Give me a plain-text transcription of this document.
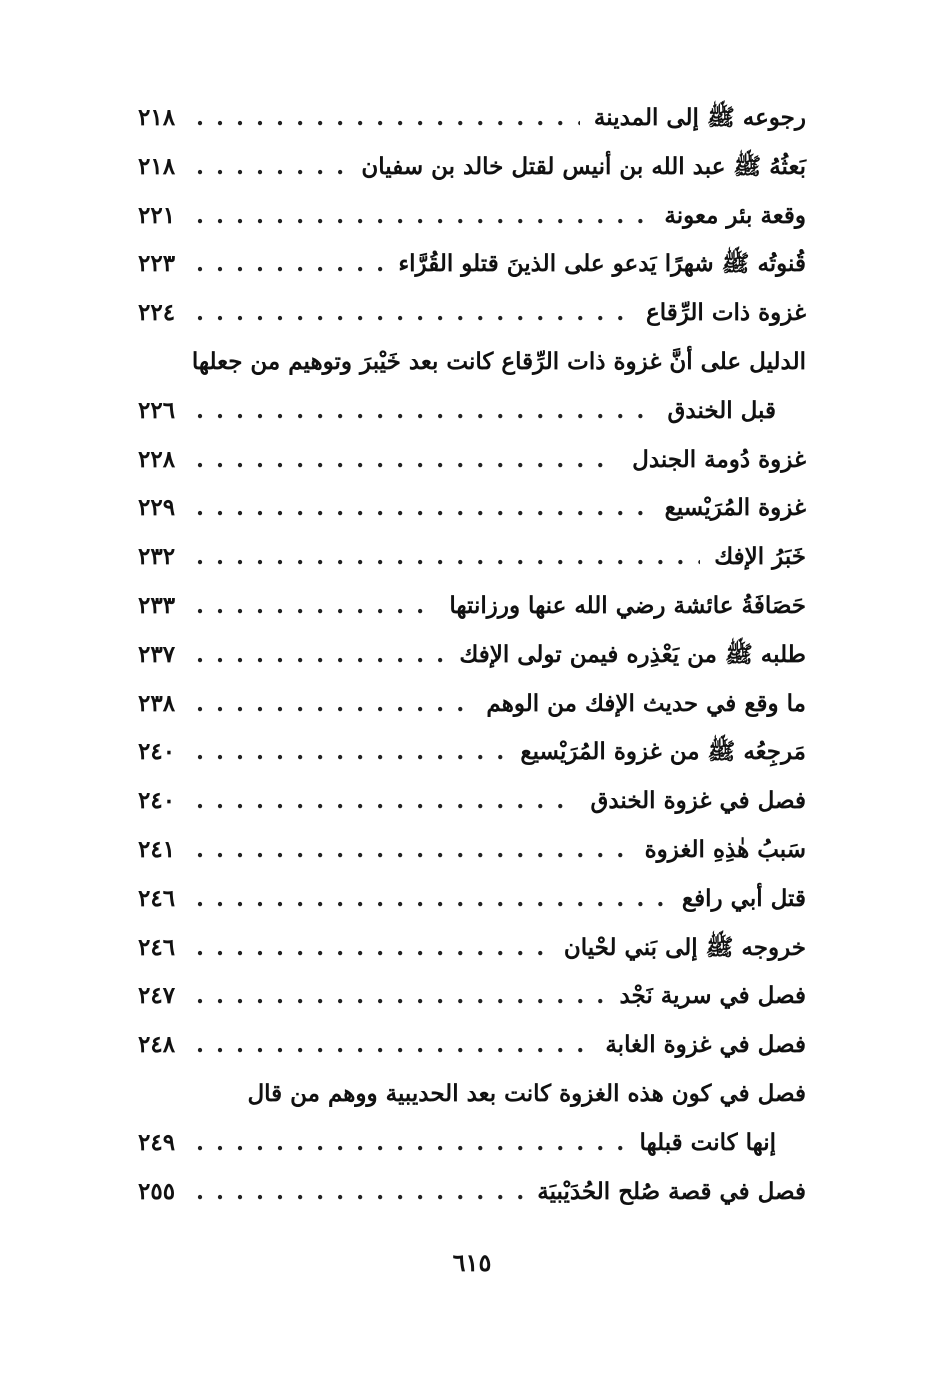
رجوعه ﷺ إلى المدينة
. . .
٢١٨
بَعثُهُ ﷺ عبد الله بن أنيس لقتل خالد بن سفيان
. . .
٢١٨
وقعة بئر معونة
. . .
٢٢١
قُنوتُه ﷺ شهرًا يَدعو على الذينَ قتلو القُرَّاء
. . .
٢٢٣
غزوة ذات الرِّقاع
. . .
٢٢٤
الدليل على أنَّ غزوة ذات الرِّقاع كانت بعد خَيْبرَ وتوهيم من جعلها
قبل الخندق
. . .
٢٢٦
غزوة دُومة الجندل
. . .
٢٢٨
غزوة المُرَيْسيع
. . .
٢٢٩
خَبَرُ الإفك
. . .
٢٣٢
حَصَافَةُ عائشة رضي الله عنها ورزانتها
. . .
٢٣٣
طلبه ﷺ من يَعْذِره فيمن تولى الإفك
. . .
٢٣٧
ما وقع في حديث الإفك من الوهم
. . .
٢٣٨
مَرجِعُه ﷺ من غزوة المُرَيْسيع
. . .
٢٤٠
فصل في غزوة الخندق
. . .
٢٤٠
سَببُ هٰذِهِ الغزوة
. . .
٢٤١
قتل أبي رافع
. . .
٢٤٦
خروجه ﷺ إلى بَني لحْيان
. . .
٢٤٦
فصل في سرية نَجْد
. . .
٢٤٧
فصل في غزوة الغابة
. . .
٢٤٨
فصل في كون هذه الغزوة كانت بعد الحديبية ووهم من قال
إنها كانت قبلها
. . .
٢٤٩
فصل في قصة صُلح الحُدَيْبيَة
. . .
٢٥٥
٦١٥
